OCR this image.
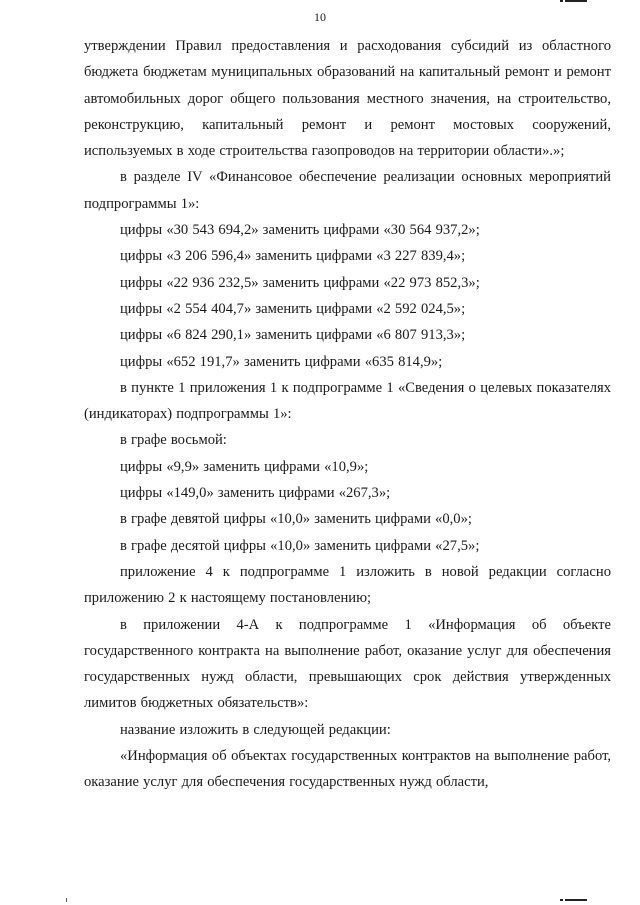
10

утверждении Правил предоставления и расходования субсидий из областного бюджета бюджетам муниципальных образований на капитальный ремонт и ремонт автомобильных дорог общего пользования местного значения, на строительство, реконструкцию, капитальный ремонт и ремонт мостовых сооружений, используемых в ходе строительства газопроводов на территории области».»;

в разделе IV «Финансовое обеспечение реализации основных мероприятий подпрограммы 1»:

цифры «30 543 694,2» заменить цифрами «30 564 937,2»;

цифры «3 206 596,4» заменить цифрами «3 227 839,4»;

цифры «22 936 232,5» заменить цифрами «22 973 852,3»;

цифры «2 554 404,7» заменить цифрами «2 592 024,5»;

цифры «6 824 290,1» заменить цифрами «6 807 913,3»;

цифры «652 191,7» заменить цифрами «635 814,9»;

в пункте 1 приложения 1 к подпрограмме 1 «Сведения о целевых показателях (индикаторах) подпрограммы 1»:

в графе восьмой:

цифры «9,9» заменить цифрами «10,9»;

цифры «149,0» заменить цифрами «267,3»;

в графе девятой цифры «10,0» заменить цифрами «0,0»;

в графе десятой цифры «10,0» заменить цифрами «27,5»;

приложение 4 к подпрограмме 1 изложить в новой редакции согласно приложению 2 к настоящему постановлению;

в приложении 4-А к подпрограмме 1 «Информация об объекте государственного контракта на выполнение работ, оказание услуг для обеспечения государственных нужд области, превышающих срок действия утвержденных лимитов бюджетных обязательств»:

название изложить в следующей редакции:

«Информация об объектах государственных контрактов на выполнение работ, оказание услуг для обеспечения государственных нужд области,
